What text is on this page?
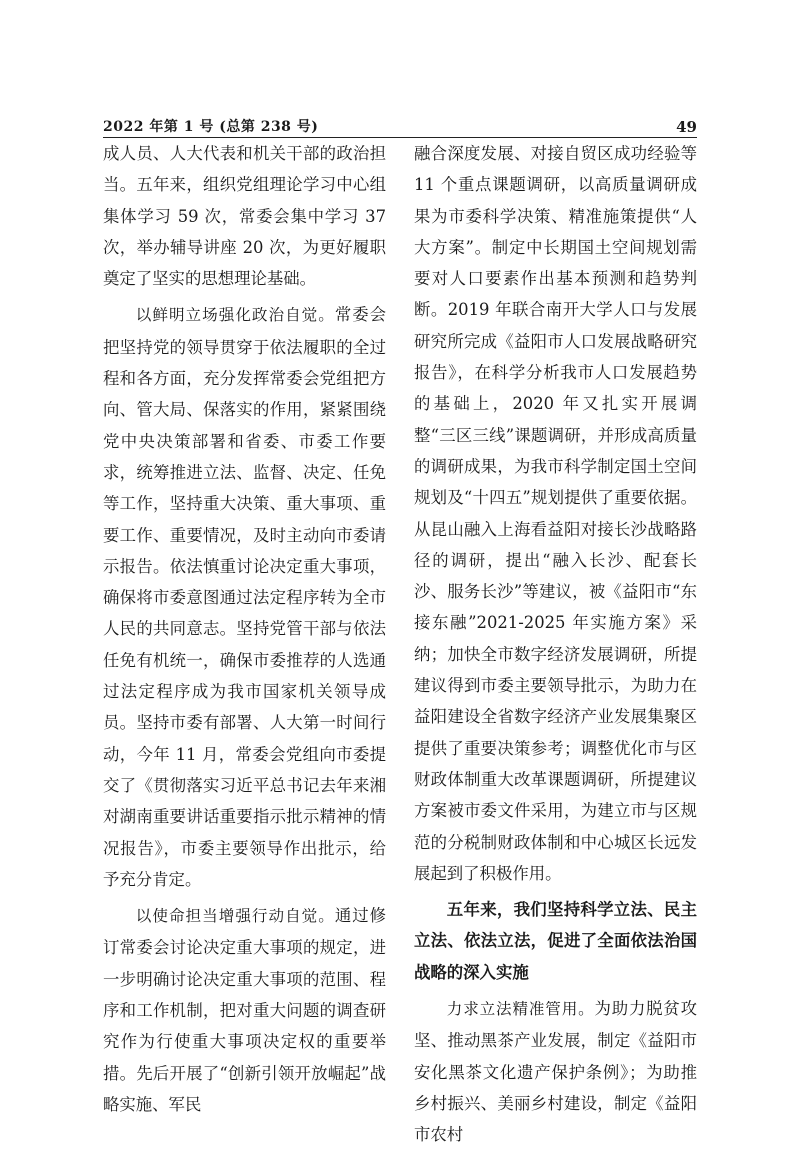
2022 年第 1 号 (总第 238 号)	49

成人员、人大代表和机关干部的政治担当。五年来，组织党组理论学习中心组集体学习 59 次，常委会集中学习 37 次，举办辅导讲座 20 次，为更好履职奠定了坚实的思想理论基础。

以鲜明立场强化政治自觉。常委会把坚持党的领导贯穿于依法履职的全过程和各方面，充分发挥常委会党组把方向、管大局、保落实的作用，紧紧围绕党中央决策部署和省委、市委工作要求，统筹推进立法、监督、决定、任免等工作，坚持重大决策、重大事项、重要工作、重要情况，及时主动向市委请示报告。依法慎重讨论决定重大事项，确保将市委意图通过法定程序转为全市人民的共同意志。坚持党管干部与依法任免有机统一，确保市委推荐的人选通过法定程序成为我市国家机关领导成员。坚持市委有部署、人大第一时间行动，今年 11 月，常委会党组向市委提交了《贯彻落实习近平总书记去年来湘对湖南重要讲话重要指示批示精神的情况报告》，市委主要领导作出批示，给予充分肯定。

以使命担当增强行动自觉。通过修订常委会讨论决定重大事项的规定，进一步明确讨论决定重大事项的范围、程序和工作机制，把对重大问题的调查研究作为行使重大事项决定权的重要举措。先后开展了“创新引领开放崛起”战略实施、军民

融合深度发展、对接自贸区成功经验等 11 个重点课题调研，以高质量调研成果为市委科学决策、精准施策提供“人大方案”。制定中长期国土空间规划需要对人口要素作出基本预测和趋势判断。2019 年联合南开大学人口与发展研究所完成《益阳市人口发展战略研究报告》，在科学分析我市人口发展趋势的基础上，2020 年又扎实开展调整“三区三线”课题调研，并形成高质量的调研成果，为我市科学制定国土空间规划及“十四五”规划提供了重要依据。从昆山融入上海看益阳对接长沙战略路径的调研，提出“融入长沙、配套长沙、服务长沙”等建议，被《益阳市“东接东融”2021-2025 年实施方案》采纳；加快全市数字经济发展调研，所提建议得到市委主要领导批示，为助力在益阳建设全省数字经济产业发展集聚区提供了重要决策参考；调整优化市与区财政体制重大改革课题调研，所提建议方案被市委文件采用，为建立市与区规范的分税制财政体制和中心城区长远发展起到了积极作用。

五年来，我们坚持科学立法、民主立法、依法立法，促进了全面依法治国战略的深入实施

力求立法精准管用。为助力脱贫攻坚、推动黑茶产业发展，制定《益阳市安化黑茶文化遗产保护条例》；为助推乡村振兴、美丽乡村建设，制定《益阳市农村
